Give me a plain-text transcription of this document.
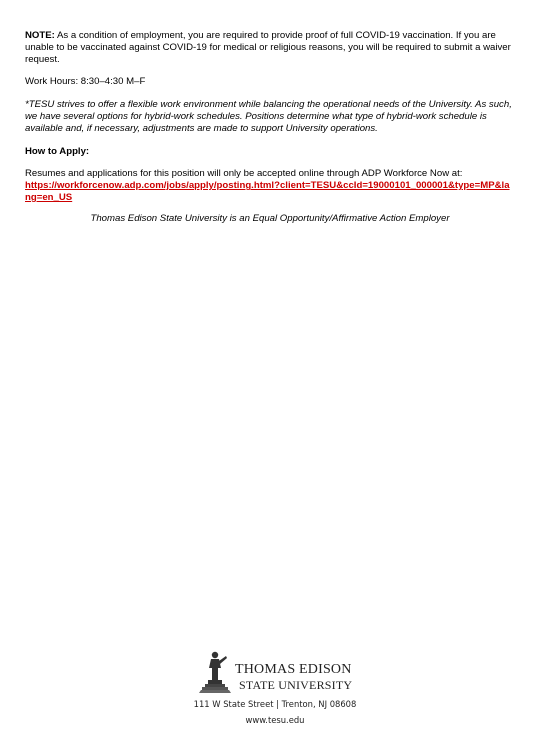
NOTE: As a condition of employment, you are required to provide proof of full COVID-19 vaccination. If you are unable to be vaccinated against COVID-19 for medical or religious reasons, you will be required to submit a waiver request.

Work Hours: 8:30–4:30 M–F

*TESU strives to offer a flexible work environment while balancing the operational needs of the University. As such, we have several options for hybrid-work schedules. Positions determine what type of hybrid-work schedule is available and, if necessary, adjustments are made to support University operations.

How to Apply:

Resumes and applications for this position will only be accepted online through ADP Workforce Now at:
https://workforcenow.adp.com/jobs/apply/posting.html?client=TESU&ccId=19000101_000001&type=MP&lang=en_US

Thomas Edison State University is an Equal Opportunity/Affirmative Action Employer

THOMAS EDISON
STATE UNIVERSITY
111 W State Street | Trenton, NJ 08608
www.tesu.edu
